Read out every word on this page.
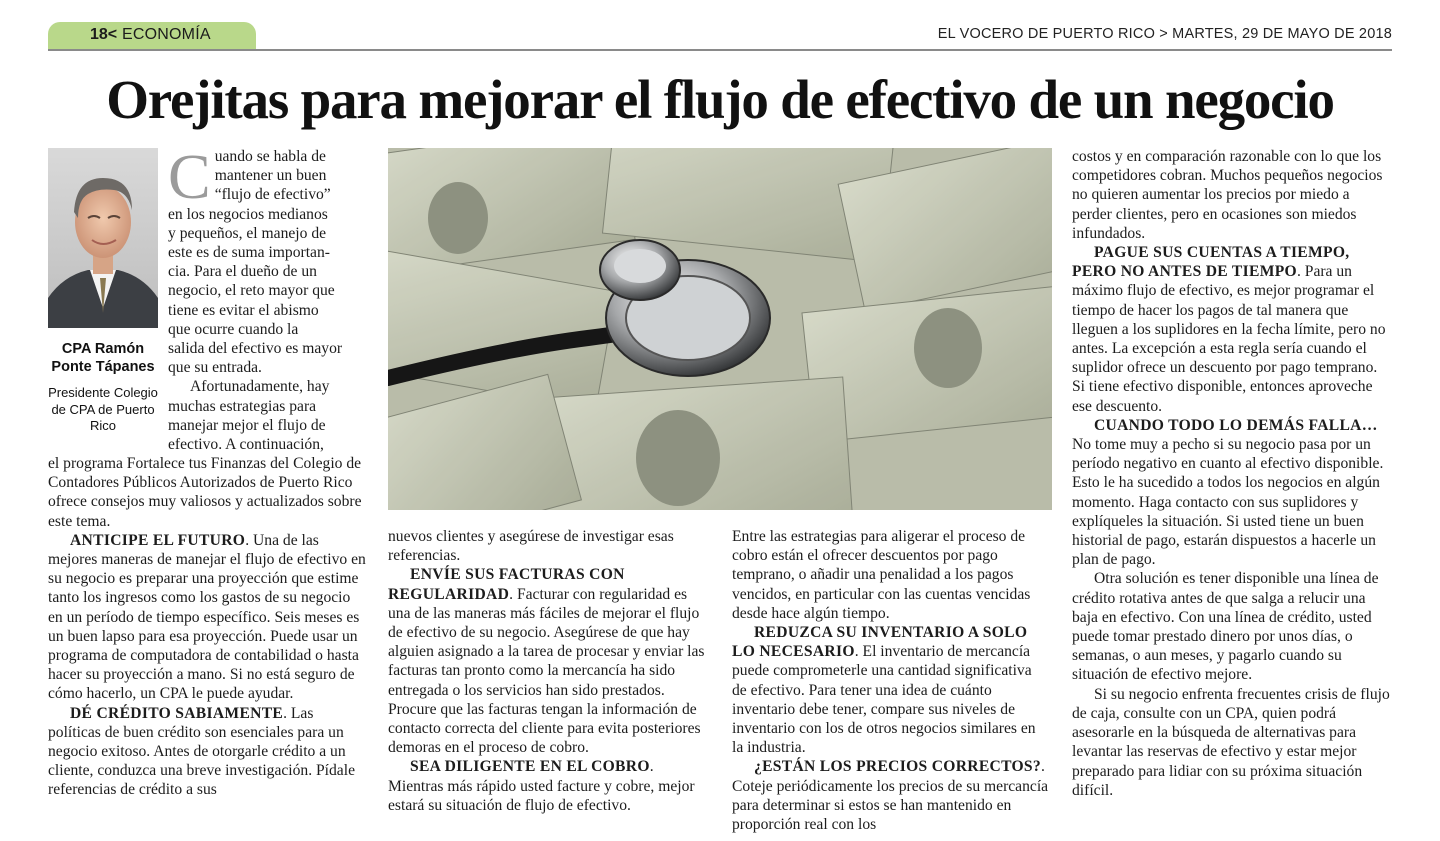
18< ECONOMÍA	EL VOCERO DE PUERTO RICO > MARTES, 29 DE MAYO DE 2018
Orejitas para mejorar el flujo de efectivo de un negocio
CPA Ramón Ponte Tápanes
Presidente Colegio de CPA de Puerto Rico
C uando se habla de
mantener un buen
“flujo de efectivo”
en los negocios medianos
y pequeños, el manejo de
este es de suma importan-
cia. Para el dueño de un
negocio, el reto mayor que
tiene es evitar el abismo
que ocurre cuando la
salida del efectivo es mayor
que su entrada.
Afortunadamente, hay
muchas estrategias para
manejar mejor el flujo de
efectivo. A continuación,

el programa Fortalece tus Finanzas del Colegio de Contadores Públicos Autorizados de Puerto Rico ofrece consejos muy valiosos y actualizados sobre este tema.

ANTICIPE EL FUTURO. Una de las mejores maneras de manejar el flujo de efectivo en su negocio es preparar una proyección que estime tanto los ingresos como los gastos de su negocio en un período de tiempo específico. Seis meses es un buen lapso para esa proyección. Puede usar un programa de computadora de contabilidad o hasta hacer su proyección a mano. Si no está seguro de cómo hacerlo, un CPA le puede ayudar.

DÉ CRÉDITO SABIAMENTE. Las políticas de buen crédito son esenciales para un negocio exitoso. Antes de otorgarle crédito a un cliente, conduzca una breve investigación. Pídale referencias de crédito a sus

nuevos clientes y asegúrese de investigar esas referencias.

ENVÍE SUS FACTURAS CON REGULARIDAD. Facturar con regularidad es una de las maneras más fáciles de mejorar el flujo de efectivo de su negocio. Asegúrese de que hay alguien asignado a la tarea de procesar y enviar las facturas tan pronto como la mercancía ha sido entregada o los servicios han sido prestados. Procure que las facturas tengan la información de contacto correcta del cliente para evita posteriores demoras en el proceso de cobro.

SEA DILIGENTE EN EL COBRO. Mientras más rápido usted facture y cobre, mejor estará su situación de flujo de efectivo.

Entre las estrategias para aligerar el proceso de cobro están el ofrecer descuentos por pago temprano, o añadir una penalidad a los pagos vencidos, en particular con las cuentas vencidas desde hace algún tiempo.

REDUZCA SU INVENTARIO A SOLO LO NECESARIO. El inventario de mercancía puede comprometerle una cantidad significativa de efectivo. Para tener una idea de cuánto inventario debe tener, compare sus niveles de inventario con los de otros negocios similares en la industria.

¿ESTÁN LOS PRECIOS CORRECTOS?. Coteje periódicamente los precios de su mercancía para determinar si estos se han mantenido en proporción real con los

costos y en comparación razonable con lo que los competidores cobran. Muchos pequeños negocios no quieren aumentar los precios por miedo a perder clientes, pero en ocasiones son miedos infundados.

PAGUE SUS CUENTAS A TIEMPO, PERO NO ANTES DE TIEMPO. Para un máximo flujo de efectivo, es mejor programar el tiempo de hacer los pagos de tal manera que lleguen a los suplidores en la fecha límite, pero no antes. La excepción a esta regla sería cuando el suplidor ofrece un descuento por pago temprano. Si tiene efectivo disponible, entonces aproveche ese descuento.

CUANDO TODO LO DEMÁS FALLA…

No tome muy a pecho si su negocio pasa por un período negativo en cuanto al efectivo disponible. Esto le ha sucedido a todos los negocios en algún momento. Haga contacto con sus suplidores y explíqueles la situación. Si usted tiene un buen historial de pago, estarán dispuestos a hacerle un plan de pago.

Otra solución es tener disponible una línea de crédito rotativa antes de que salga a relucir una baja en efectivo. Con una línea de crédito, usted puede tomar prestado dinero por unos días, o semanas, o aun meses, y pagarlo cuando su situación de efectivo mejore.

Si su negocio enfrenta frecuentes crisis de flujo de caja, consulte con un CPA, quien podrá asesorarle en la búsqueda de alternativas para levantar las reservas de efectivo y estar mejor preparado para lidiar con su próxima situación difícil.
